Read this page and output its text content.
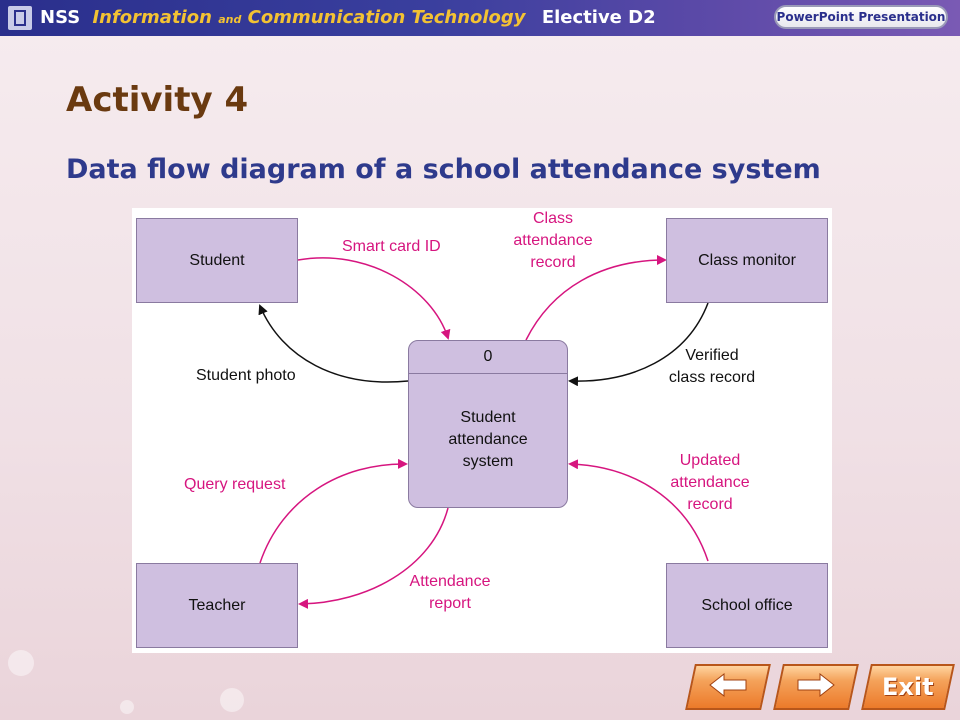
NSS Information and Communication Technology Elective D2	PowerPoint Presentation
Activity 4
Data flow diagram of a school attendance system
Student	Class monitor
Teacher	School office
0
Student
attendance
system
Smart card ID
Class
attendance
record
Student photo
Verified
class record
Query request
Updated
attendance
record
Attendance
report
Exit
